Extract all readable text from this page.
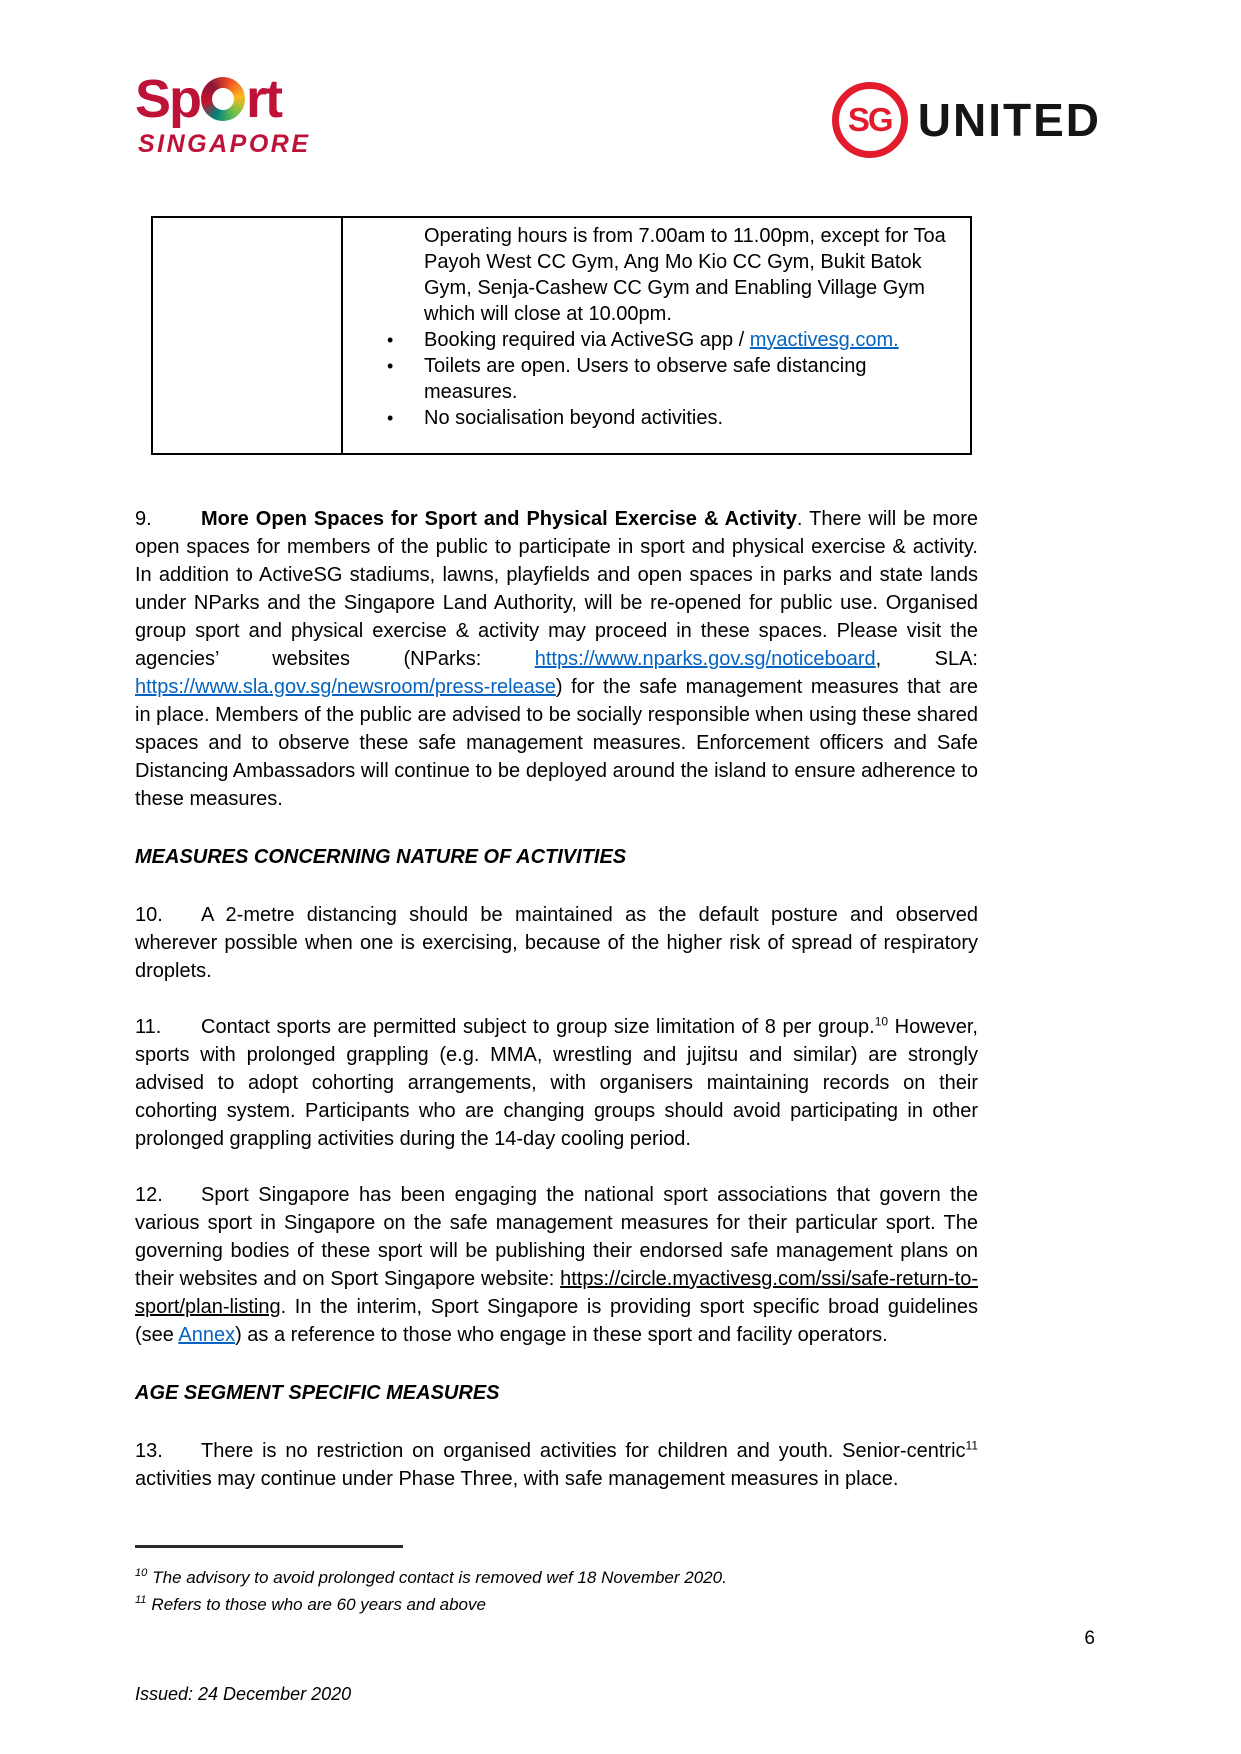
Sp rt
SINGAPORE
SG UNITED

Operating hours is from 7.00am to 11.00pm, except for Toa Payoh West CC Gym, Ang Mo Kio CC Gym, Bukit Batok Gym, Senja-Cashew CC Gym and Enabling Village Gym which will close at 10.00pm.
•	Booking required via ActiveSG app / myactivesg.com.
•	Toilets are open. Users to observe safe distancing measures.
•	No socialisation beyond activities.

9. More Open Spaces for Sport and Physical Exercise & Activity. There will be more open spaces for members of the public to participate in sport and physical exercise & activity. In addition to ActiveSG stadiums, lawns, playfields and open spaces in parks and state lands under NParks and the Singapore Land Authority, will be re-opened for public use. Organised group sport and physical exercise & activity may proceed in these spaces. Please visit the agencies’ websites (NParks: https://www.nparks.gov.sg/noticeboard, SLA: https://www.sla.gov.sg/newsroom/press-release) for the safe management measures that are in place. Members of the public are advised to be socially responsible when using these shared spaces and to observe these safe management measures. Enforcement officers and Safe Distancing Ambassadors will continue to be deployed around the island to ensure adherence to these measures.

MEASURES CONCERNING NATURE OF ACTIVITIES

10. A 2-metre distancing should be maintained as the default posture and observed wherever possible when one is exercising, because of the higher risk of spread of respiratory droplets.

11. Contact sports are permitted subject to group size limitation of 8 per group.$^{10}$ However, sports with prolonged grappling (e.g. MMA, wrestling and jujitsu and similar) are strongly advised to adopt cohorting arrangements, with organisers maintaining records on their cohorting system. Participants who are changing groups should avoid participating in other prolonged grappling activities during the 14-day cooling period.

12. Sport Singapore has been engaging the national sport associations that govern the various sport in Singapore on the safe management measures for their particular sport. The governing bodies of these sport will be publishing their endorsed safe management plans on their websites and on Sport Singapore website: https://circle.myactivesg.com/ssi/safe-return-to-sport/plan-listing. In the interim, Sport Singapore is providing sport specific broad guidelines (see Annex) as a reference to those who engage in these sport and facility operators.

AGE SEGMENT SPECIFIC MEASURES

13. There is no restriction on organised activities for children and youth. Senior-centric$^{11}$ activities may continue under Phase Three, with safe management measures in place.

$^{10}$ The advisory to avoid prolonged contact is removed wef 18 November 2020.
$^{11}$ Refers to those who are 60 years and above
6
Issued: 24 December 2020
